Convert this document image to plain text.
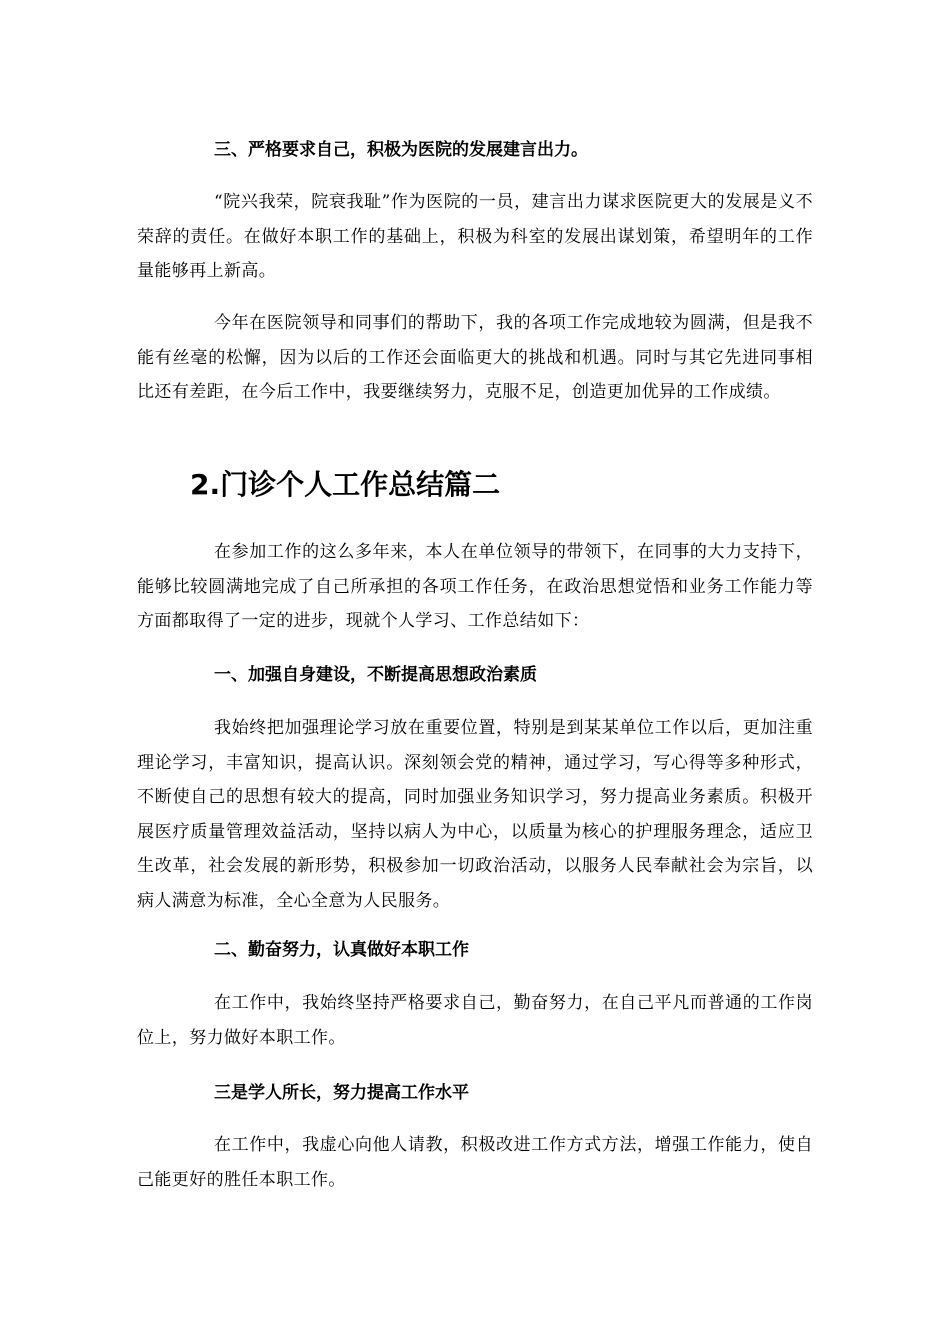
三、严格要求自己，积极为医院的发展建言出力。

“院兴我荣，院衰我耻”作为医院的一员，建言出力谋求医院更大的发展是义不荣辞的责任。在做好本职工作的基础上，积极为科室的发展出谋划策，希望明年的工作量能够再上新高。

今年在医院领导和同事们的帮助下，我的各项工作完成地较为圆满，但是我不能有丝毫的松懈，因为以后的工作还会面临更大的挑战和机遇。同时与其它先进同事相比还有差距，在今后工作中，我要继续努力，克服不足，创造更加优异的工作成绩。

2.门诊个人工作总结篇二

在参加工作的这么多年来，本人在单位领导的带领下，在同事的大力支持下，能够比较圆满地完成了自己所承担的各项工作任务，在政治思想觉悟和业务工作能力等方面都取得了一定的进步，现就个人学习、工作总结如下：

一、加强自身建设，不断提高思想政治素质

我始终把加强理论学习放在重要位置，特别是到某某单位工作以后，更加注重理论学习，丰富知识，提高认识。深刻领会党的精神，通过学习，写心得等多种形式，不断使自己的思想有较大的提高，同时加强业务知识学习，努力提高业务素质。积极开展医疗质量管理效益活动，坚持以病人为中心，以质量为核心的护理服务理念，适应卫生改革，社会发展的新形势，积极参加一切政治活动，以服务人民奉献社会为宗旨，以病人满意为标准，全心全意为人民服务。

二、勤奋努力，认真做好本职工作

在工作中，我始终坚持严格要求自己，勤奋努力，在自己平凡而普通的工作岗位上，努力做好本职工作。

三是学人所长，努力提高工作水平

在工作中，我虚心向他人请教，积极改进工作方式方法，增强工作能力，使自己能更好的胜任本职工作。
